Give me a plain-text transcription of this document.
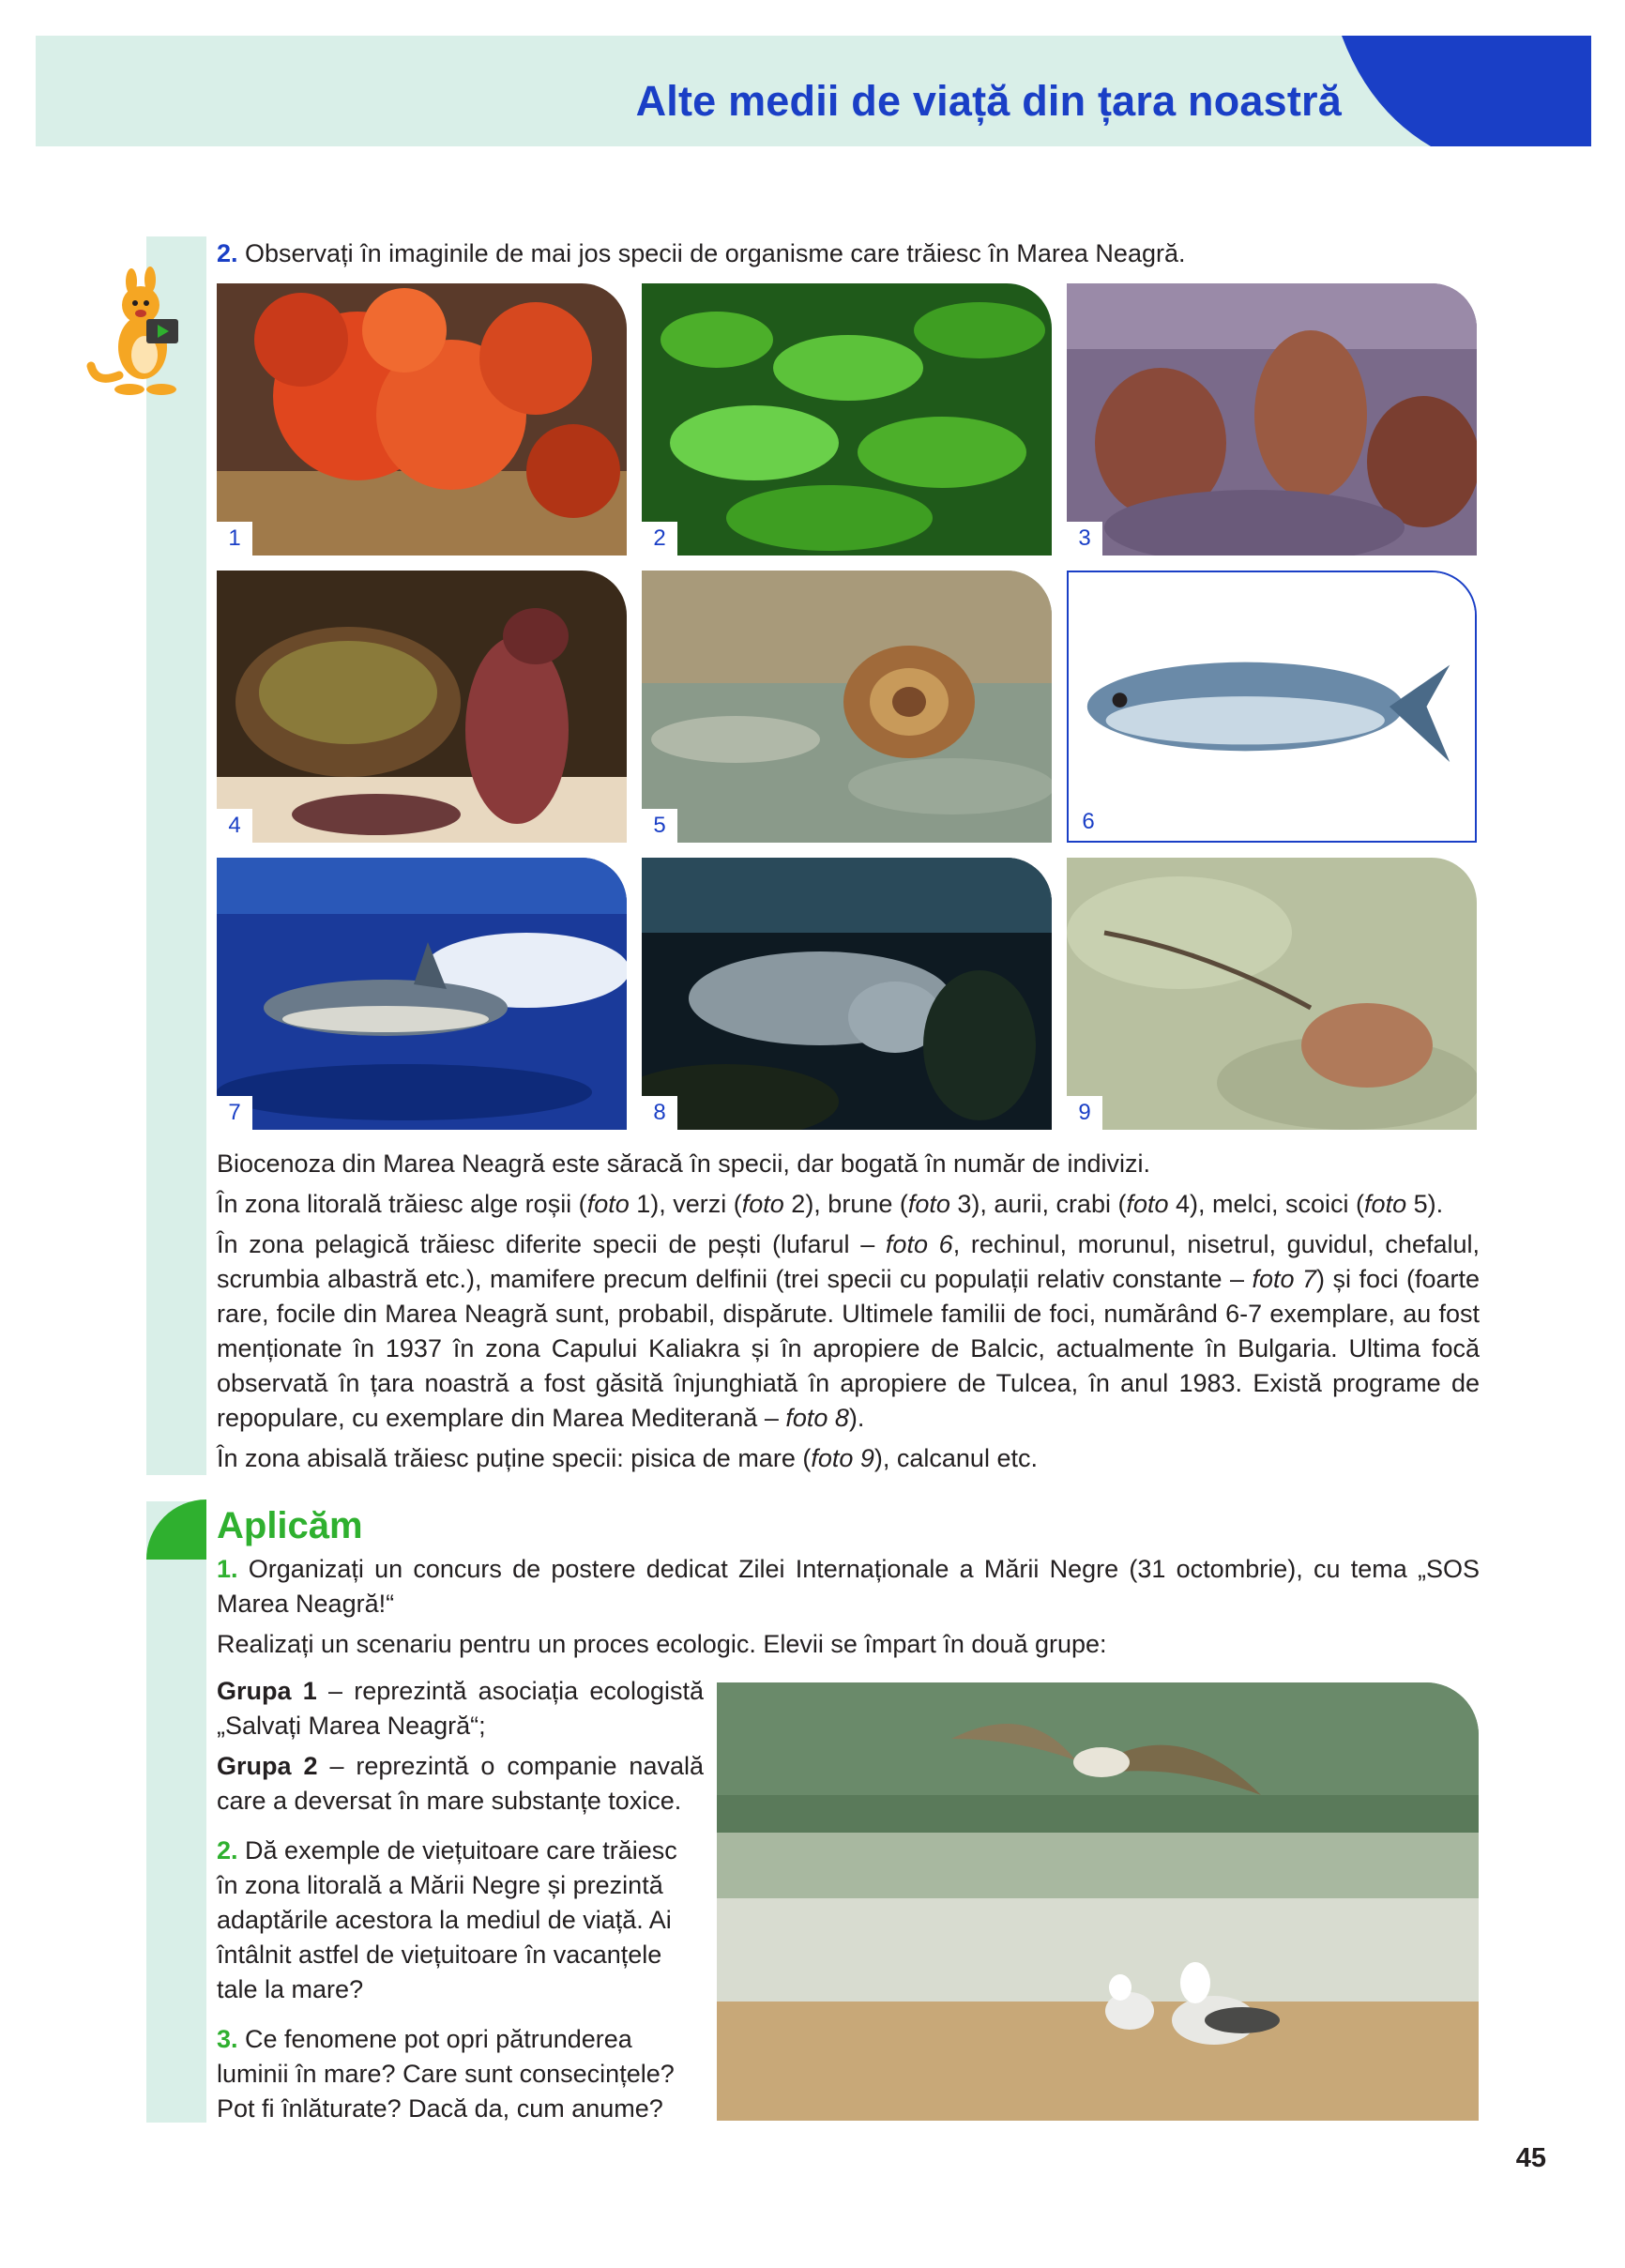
Alte medii de viață din țara noastră
2. Observați în imaginile de mai jos specii de organisme care trăiesc în Marea Neagră.
1	2	3
4	5	6
7	8	9

Biocenoza din Marea Neagră este săracă în specii, dar bogată în număr de indivizi.

În zona litorală trăiesc alge roșii (foto 1), verzi (foto 2), brune (foto 3), aurii, crabi (foto 4), melci, scoici (foto 5).

În zona pelagică trăiesc diferite specii de pești (lufarul – foto 6, rechinul, morunul, nisetrul, guvidul, chefalul, scrumbia albastră etc.), mamifere precum delfinii (trei specii cu populații relativ constante – foto 7) și foci (foarte rare, focile din Marea Neagră sunt, probabil, dispărute. Ultimele familii de foci, numărând 6-7 exemplare, au fost menționate în 1937 în zona Capului Kaliakra și în apropiere de Balcic, actualmente în Bulgaria. Ultima focă observată în țara noastră a fost găsită înjunghiată în apropiere de Tulcea, în anul 1983. Există programe de repopulare, cu exemplare din Marea Mediterană – foto 8).

În zona abisală trăiesc puține specii: pisica de mare (foto 9), calcanul etc.

Aplicăm

1. Organizați un concurs de postere dedicat Zilei Internaționale a Mării Negre (31 octombrie), cu tema „SOS Marea Neagră!“

Realizați un scenariu pentru un proces ecologic. Elevii se împart în două grupe:

Grupa 1 – reprezintă asociația ecologistă „Salvați Marea Neagră“;

Grupa 2 – reprezintă o companie navală care a deversat în mare substanțe toxice.

2. Dă exemple de viețuitoare care trăiesc în zona litorală a Mării Negre și prezintă adaptările acestora la mediul de viață. Ai întâlnit astfel de viețuitoare în vacanțele tale la mare?

3. Ce fenomene pot opri pătrunderea luminii în mare? Care sunt consecințele? Pot fi înlăturate? Dacă da, cum anume?

45
